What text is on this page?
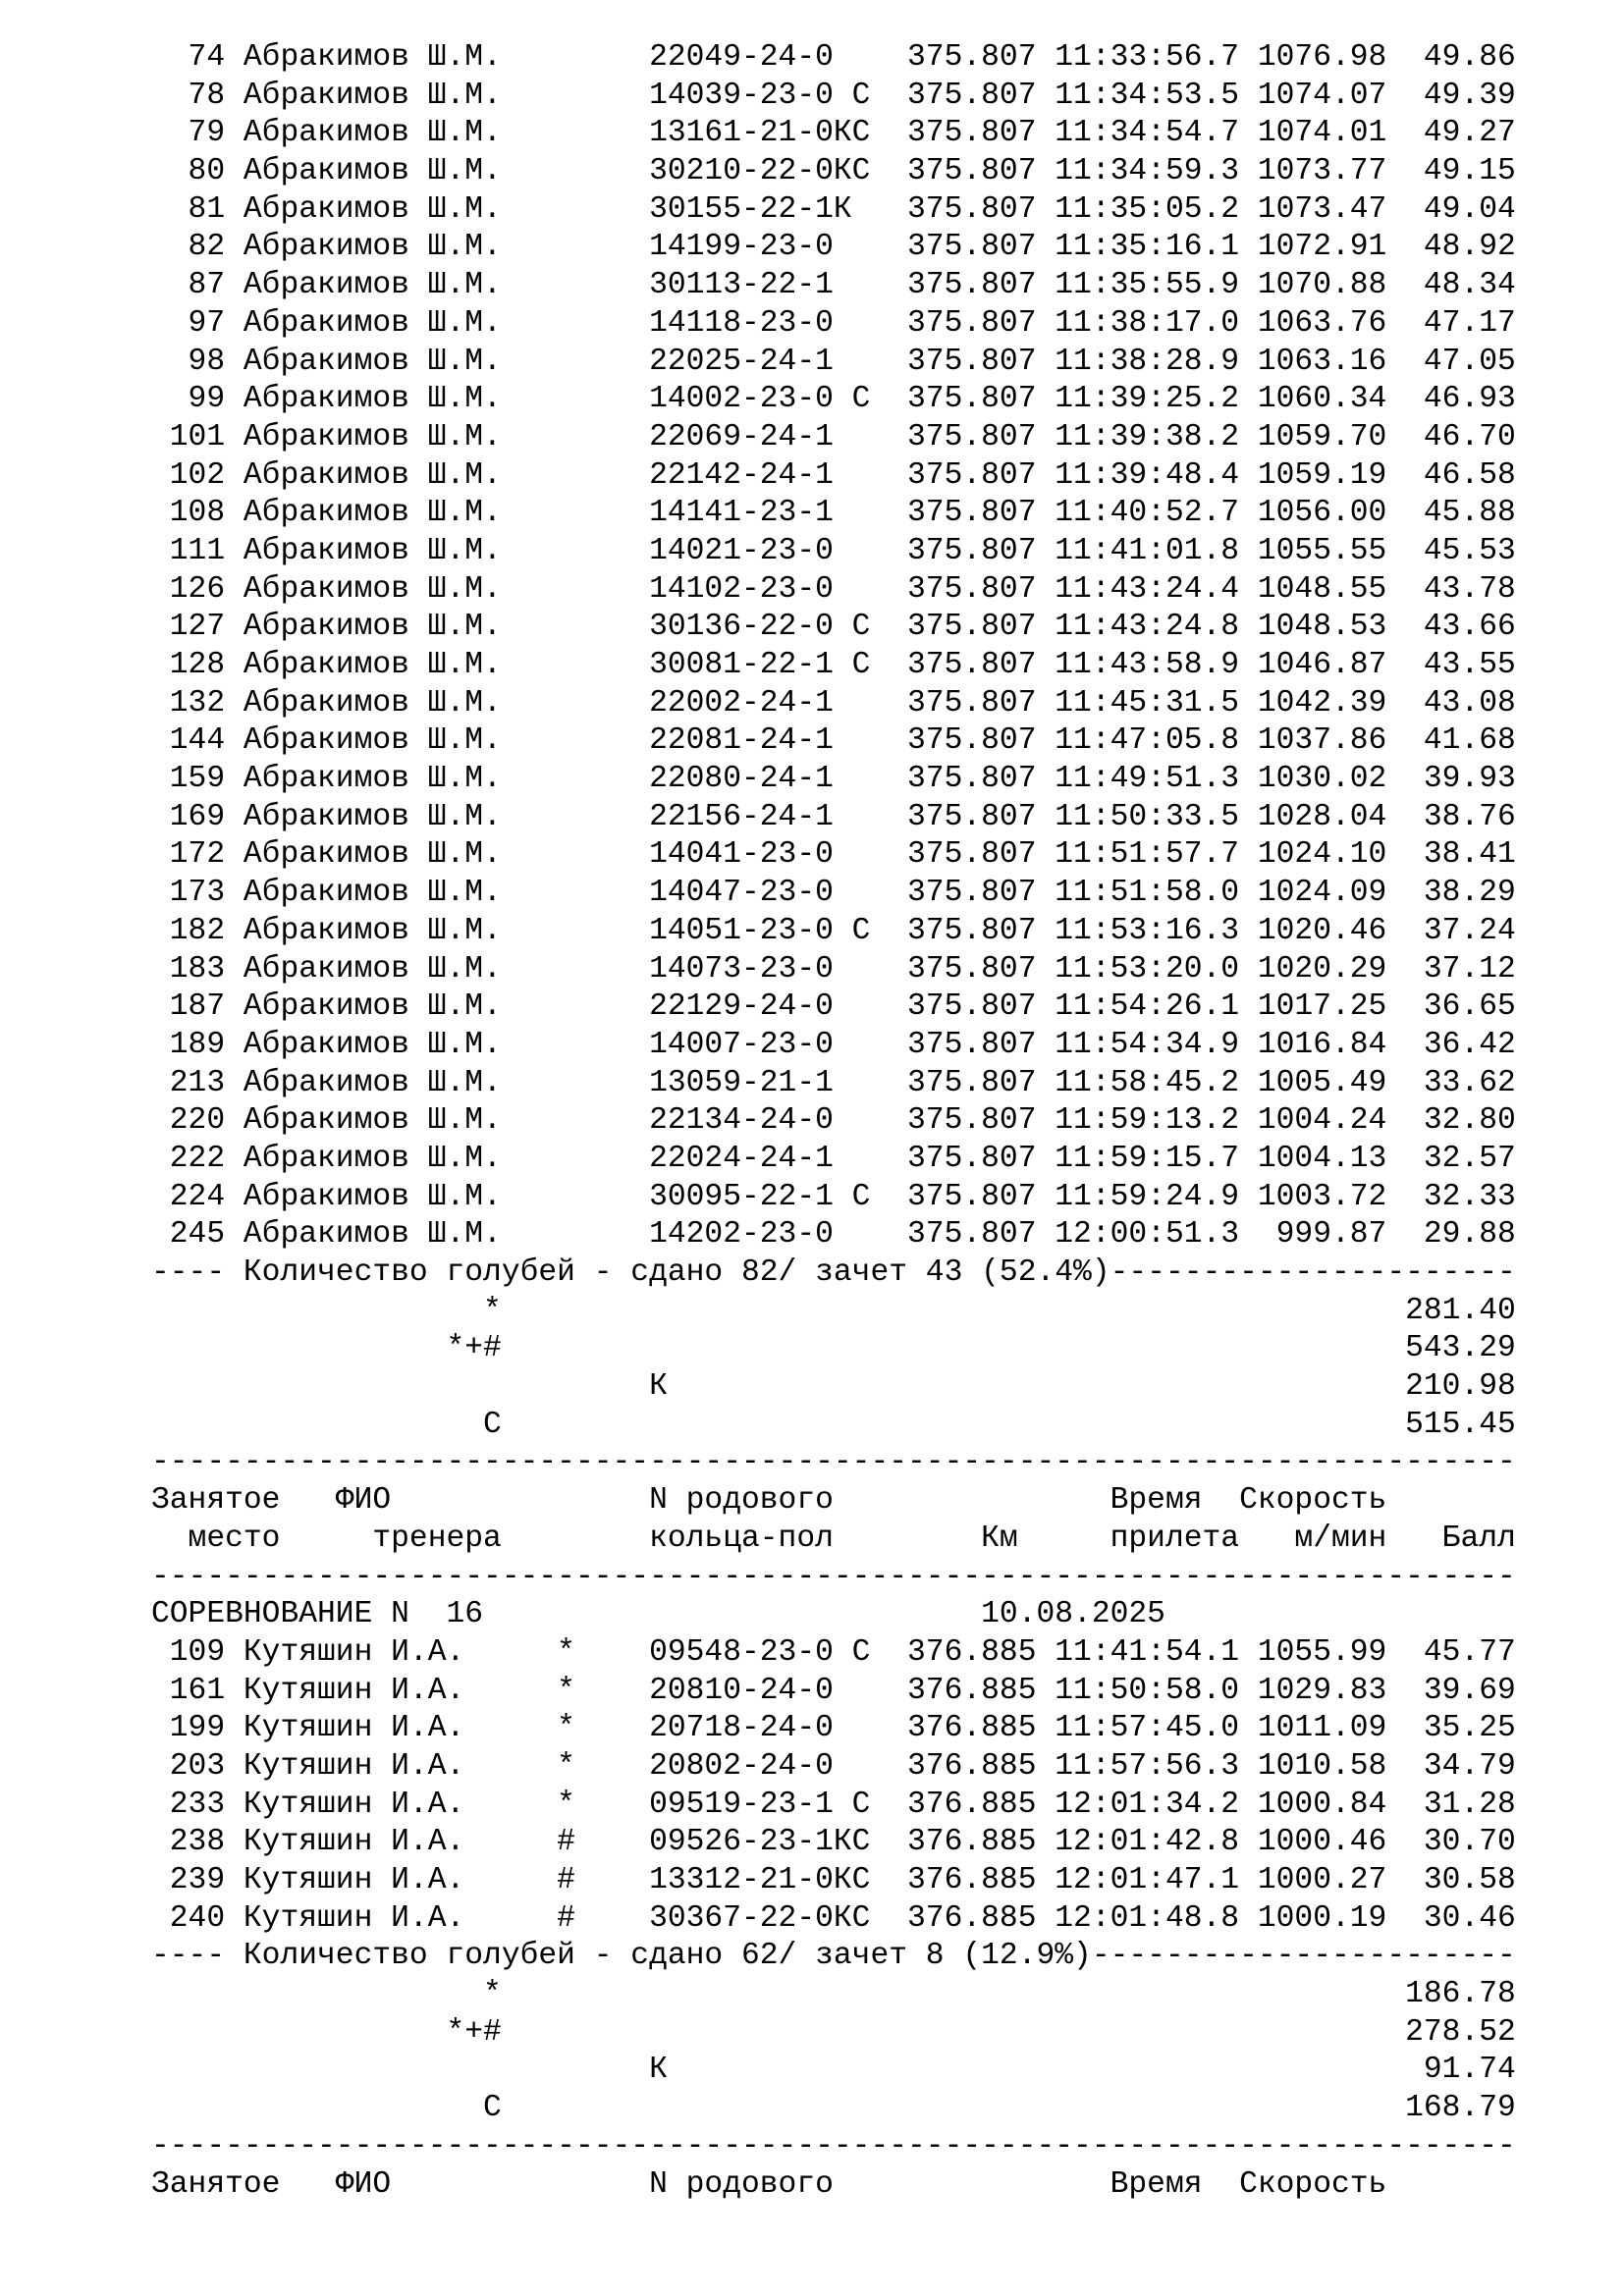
74 Абракимов Ш.М.        22049-24-0    375.807 11:33:56.7 1076.98  49.86
78 Абракимов Ш.М.        14039-23-0 С  375.807 11:34:53.5 1074.07  49.39
79 Абракимов Ш.М.        13161-21-0КС  375.807 11:34:54.7 1074.01  49.27
80 Абракимов Ш.М.        30210-22-0КС  375.807 11:34:59.3 1073.77  49.15
81 Абракимов Ш.М.        30155-22-1К   375.807 11:35:05.2 1073.47  49.04
82 Абракимов Ш.М.        14199-23-0    375.807 11:35:16.1 1072.91  48.92
87 Абракимов Ш.М.        30113-22-1    375.807 11:35:55.9 1070.88  48.34
97 Абракимов Ш.М.        14118-23-0    375.807 11:38:17.0 1063.76  47.17
98 Абракимов Ш.М.        22025-24-1    375.807 11:38:28.9 1063.16  47.05
99 Абракимов Ш.М.        14002-23-0 С  375.807 11:39:25.2 1060.34  46.93
101 Абракимов Ш.М.        22069-24-1    375.807 11:39:38.2 1059.70  46.70
102 Абракимов Ш.М.        22142-24-1    375.807 11:39:48.4 1059.19  46.58
108 Абракимов Ш.М.        14141-23-1    375.807 11:40:52.7 1056.00  45.88
111 Абракимов Ш.М.        14021-23-0    375.807 11:41:01.8 1055.55  45.53
126 Абракимов Ш.М.        14102-23-0    375.807 11:43:24.4 1048.55  43.78
127 Абракимов Ш.М.        30136-22-0 С  375.807 11:43:24.8 1048.53  43.66
128 Абракимов Ш.М.        30081-22-1 С  375.807 11:43:58.9 1046.87  43.55
132 Абракимов Ш.М.        22002-24-1    375.807 11:45:31.5 1042.39  43.08
144 Абракимов Ш.М.        22081-24-1    375.807 11:47:05.8 1037.86  41.68
159 Абракимов Ш.М.        22080-24-1    375.807 11:49:51.3 1030.02  39.93
169 Абракимов Ш.М.        22156-24-1    375.807 11:50:33.5 1028.04  38.76
172 Абракимов Ш.М.        14041-23-0    375.807 11:51:57.7 1024.10  38.41
173 Абракимов Ш.М.        14047-23-0    375.807 11:51:58.0 1024.09  38.29
182 Абракимов Ш.М.        14051-23-0 С  375.807 11:53:16.3 1020.46  37.24
183 Абракимов Ш.М.        14073-23-0    375.807 11:53:20.0 1020.29  37.12
187 Абракимов Ш.М.        22129-24-0    375.807 11:54:26.1 1017.25  36.65
189 Абракимов Ш.М.        14007-23-0    375.807 11:54:34.9 1016.84  36.42
213 Абракимов Ш.М.        13059-21-1    375.807 11:58:45.2 1005.49  33.62
220 Абракимов Ш.М.        22134-24-0    375.807 11:59:13.2 1004.24  32.80
222 Абракимов Ш.М.        22024-24-1    375.807 11:59:15.7 1004.13  32.57
224 Абракимов Ш.М.        30095-22-1 С  375.807 11:59:24.9 1003.72  32.33
245 Абракимов Ш.М.        14202-23-0    375.807 12:00:51.3  999.87  29.88
---- Количество голубей - сдано 82/ зачет 43 (52.4%)----------------------
*                                                 281.40
*+#                                                 543.29
К                                        210.98
С                                                 515.45
--------------------------------------------------------------------------
Занятое   ФИО              N родового               Время  Скорость
место     тренера        кольца-пол        Км     прилета   м/мин   Балл
--------------------------------------------------------------------------
СОРЕВНОВАНИЕ N  16                           10.08.2025
109 Кутяшин И.А.     *    09548-23-0 С  376.885 11:41:54.1 1055.99  45.77
161 Кутяшин И.А.     *    20810-24-0    376.885 11:50:58.0 1029.83  39.69
199 Кутяшин И.А.     *    20718-24-0    376.885 11:57:45.0 1011.09  35.25
203 Кутяшин И.А.     *    20802-24-0    376.885 11:57:56.3 1010.58  34.79
233 Кутяшин И.А.     *    09519-23-1 С  376.885 12:01:34.2 1000.84  31.28
238 Кутяшин И.А.     #    09526-23-1КС  376.885 12:01:42.8 1000.46  30.70
239 Кутяшин И.А.     #    13312-21-0КС  376.885 12:01:47.1 1000.27  30.58
240 Кутяшин И.А.     #    30367-22-0КС  376.885 12:01:48.8 1000.19  30.46
---- Количество голубей - сдано 62/ зачет 8 (12.9%)-----------------------
*                                                 186.78
*+#                                                 278.52
К                                         91.74
С                                                 168.79
--------------------------------------------------------------------------
Занятое   ФИО              N родового               Время  Скорость
